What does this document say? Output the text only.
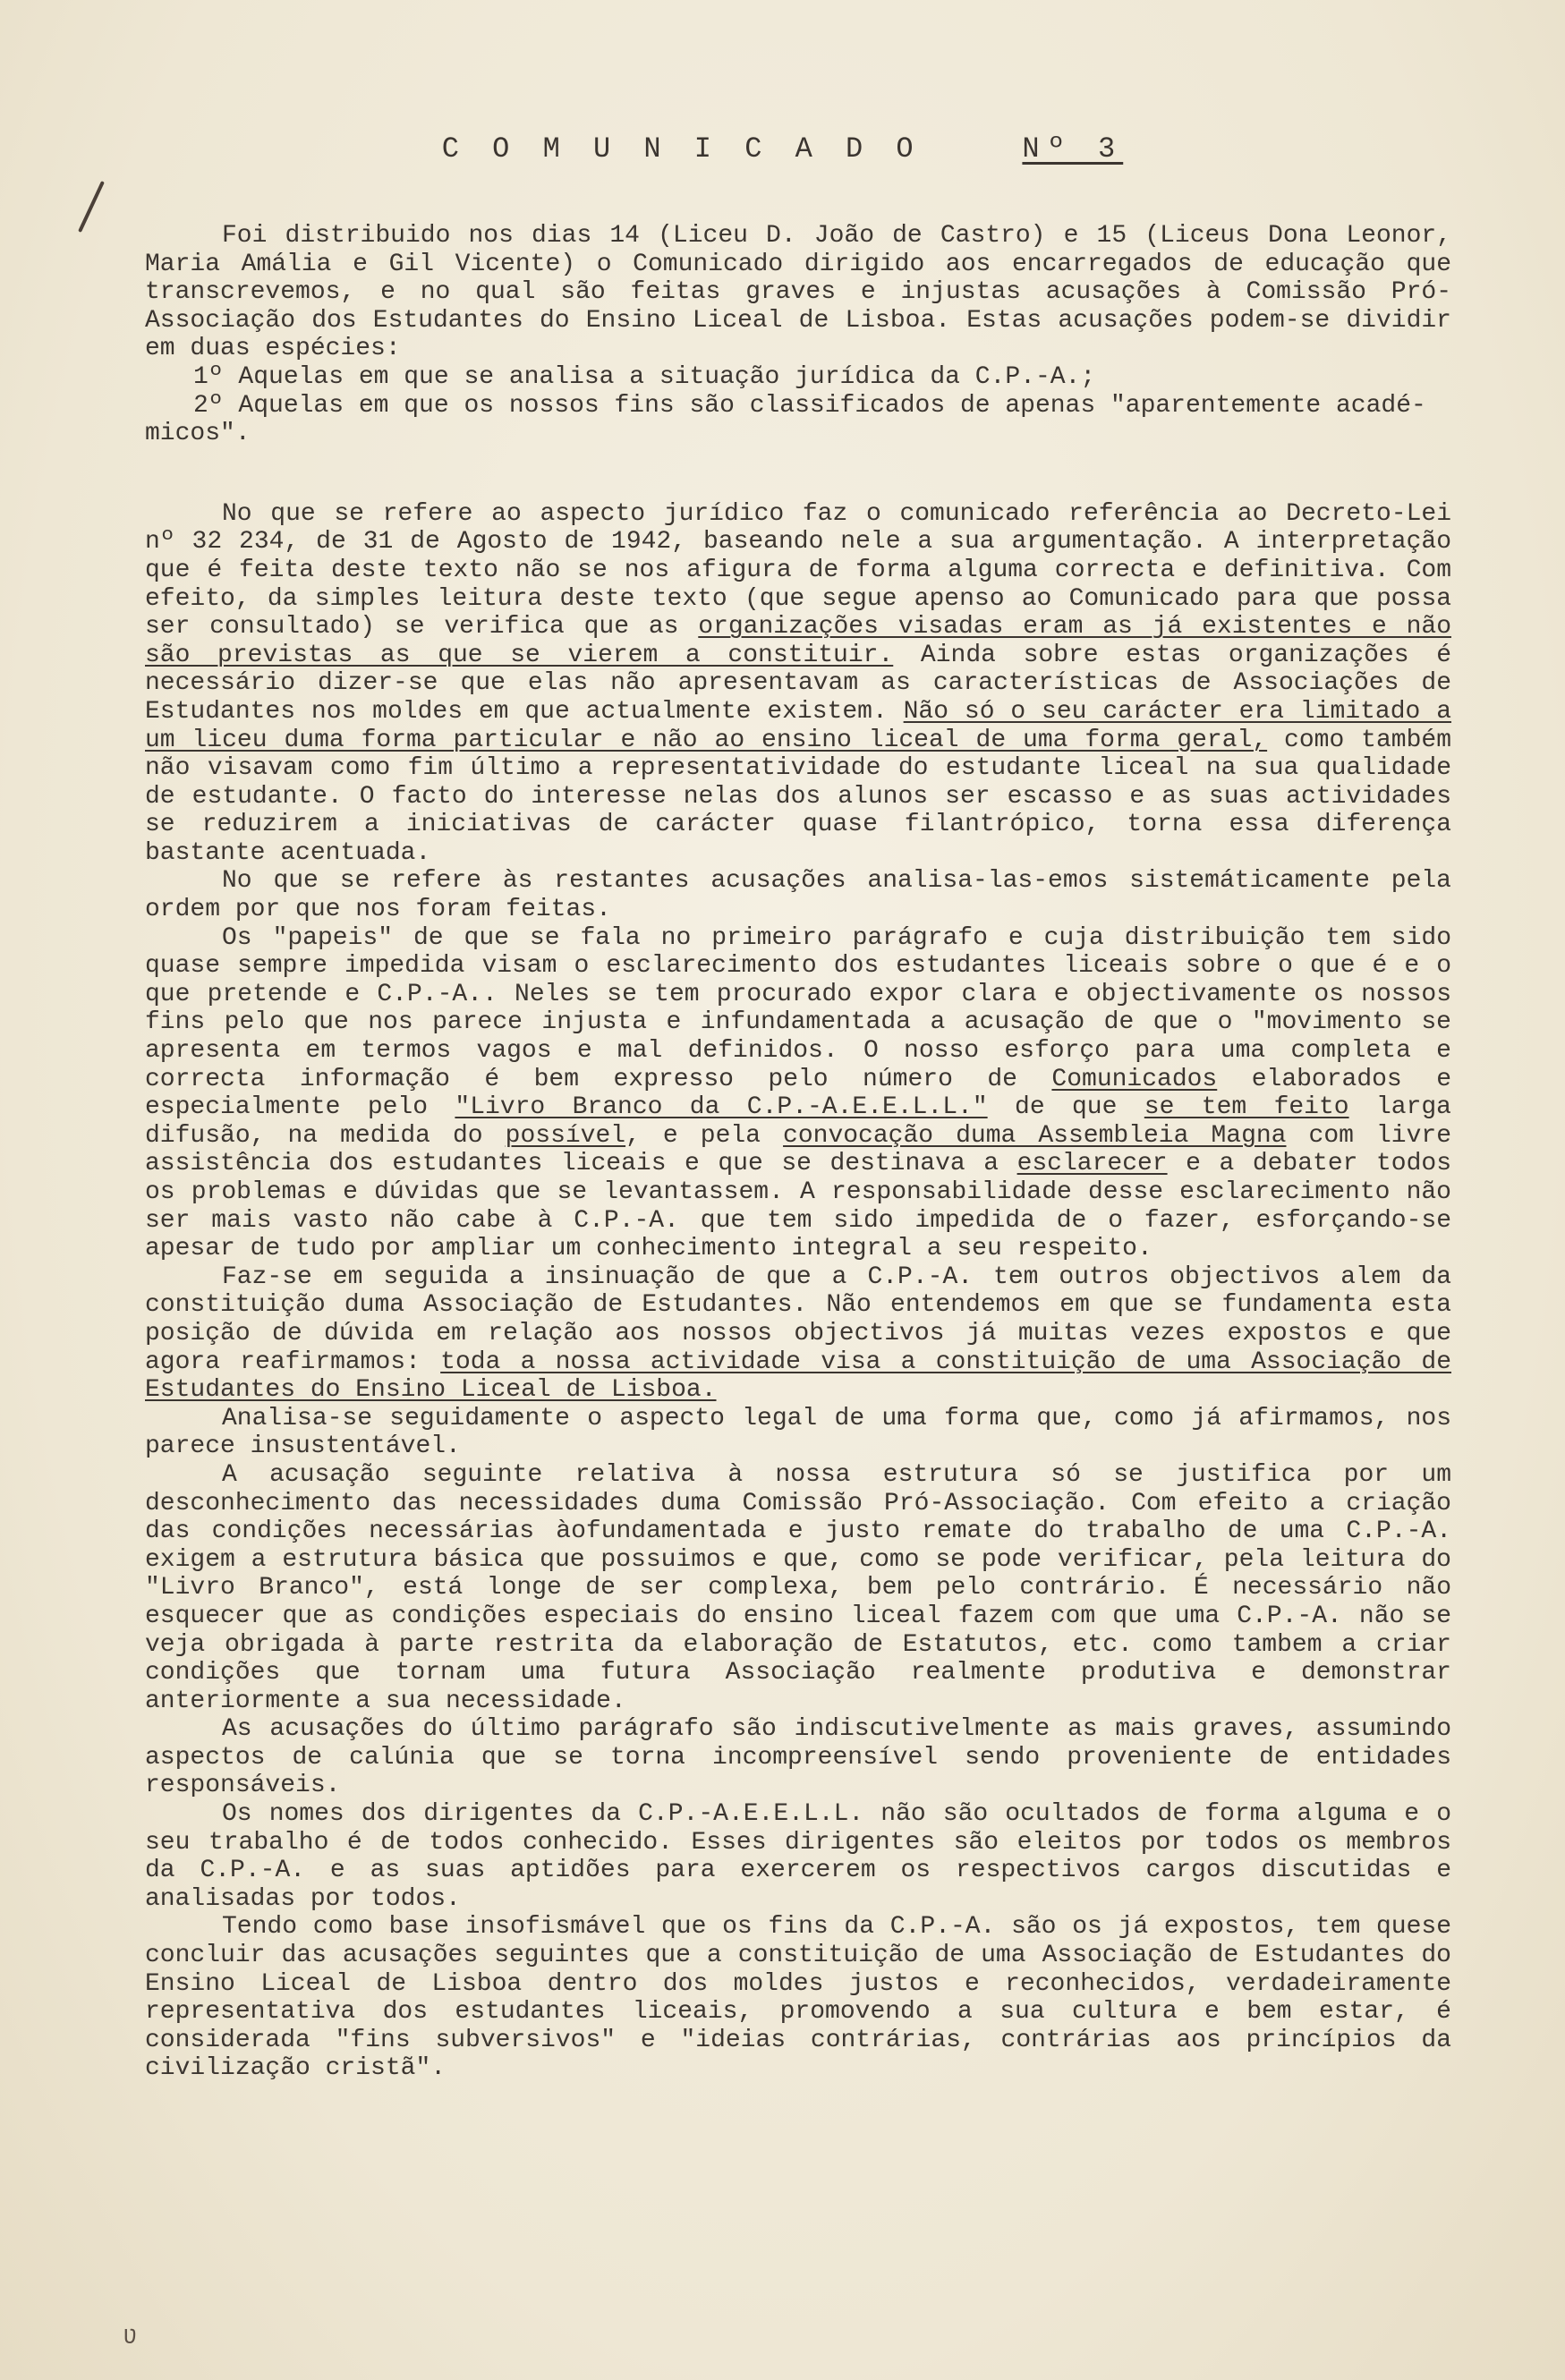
C O M U N I C A D O	Nº 3

Foi distribuido nos dias 14 (Liceu D. João de Castro) e 15 (Liceus Dona Leonor, Maria Amália e Gil Vicente) o Comunicado dirigido aos encarregados de educação que transcrevemos, e no qual são feitas graves e injustas acusações à Comissão Pró-Associação dos Estudantes do Ensino Liceal de Lisboa. Estas acusações podem-se dividir em duas espécies:

1º Aquelas em que se analisa a situação jurídica da C.P.-A.;

2º Aquelas em que os nossos fins são classificados de apenas "aparentemente acadé-

micos".

No que se refere ao aspecto jurídico faz o comunicado referência ao Decreto-Lei nº 32 234, de 31 de Agosto de 1942, baseando nele a sua argumentação. A interpretação que é feita deste texto não se nos afigura de forma alguma correcta e definitiva. Com efeito, da simples leitura deste texto (que segue apenso ao Comunicado para que possa ser consultado) se verifica que as organizações visadas eram as já existentes e não são previstas as que se vierem a constituir. Ainda sobre estas organizações é necessário dizer-se que elas não apresentavam as características de Associações de Estudantes nos moldes em que actualmente existem. Não só o seu carácter era limitado a um liceu duma forma particular e não ao ensino liceal de uma forma geral, como também não visavam como fim último a representatividade do estudante liceal na sua qualidade de estudante. O facto do interesse nelas dos alunos ser escasso e as suas actividades se reduzirem a iniciativas de carácter quase filantrópico, torna essa diferença bastante acentuada.

No que se refere às restantes acusações analisa-las-emos sistemáticamente pela ordem por que nos foram feitas.

Os "papeis" de que se fala no primeiro parágrafo e cuja distribuição tem sido quase sempre impedida visam o esclarecimento dos estudantes liceais sobre o que é e o que pretende e C.P.-A.. Neles se tem procurado expor clara e objectivamente os nossos fins pelo que nos parece injusta e infundamentada a acusação de que o "movimento se apresenta em termos vagos e mal definidos. O nosso esforço para uma completa e correcta informação é bem expresso pelo número de Comunicados elaborados e especialmente pelo "Livro Branco da C.P.-A.E.E.L.L." de que se tem feito larga difusão, na medida do possível, e pela convocação duma Assembleia Magna com livre assistência dos estudantes liceais e que se destinava a esclarecer e a debater todos os problemas e dúvidas que se levantassem. A responsabilidade desse esclarecimento não ser mais vasto não cabe à C.P.-A. que tem sido impedida de o fazer, esforçando-se apesar de tudo por ampliar um conhecimento integral a seu respeito.

Faz-se em seguida a insinuação de que a C.P.-A. tem outros objectivos alem da constituição duma Associação de Estudantes. Não entendemos em que se fundamenta esta posição de dúvida em relação aos nossos objectivos já muitas vezes expostos e que agora reafirmamos: toda a nossa actividade visa a constituição de uma Associação de Estudantes do Ensino Liceal de Lisboa.

Analisa-se seguidamente o aspecto legal de uma forma que, como já afirmamos, nos parece insustentável.

A acusação seguinte relativa à nossa estrutura só se justifica por um desconhecimento das necessidades duma Comissão Pró-Associação. Com efeito a criação das condições necessárias àofundamentada e justo remate do trabalho de uma C.P.-A. exigem a estrutura básica que possuimos e que, como se pode verificar, pela leitura do "Livro Branco", está longe de ser complexa, bem pelo contrário. É necessário não esquecer que as condições especiais do ensino liceal fazem com que uma C.P.-A. não se veja obrigada à parte restrita da elaboração de Estatutos, etc. como tambem a criar condições que tornam uma futura Associação realmente produtiva e demonstrar anteriormente a sua necessidade.

As acusações do último parágrafo são indiscutivelmente as mais graves, assumindo aspectos de calúnia que se torna incompreensível sendo proveniente de entidades responsáveis.

Os nomes dos dirigentes da C.P.-A.E.E.L.L. não são ocultados de forma alguma e o seu trabalho é de todos conhecido. Esses dirigentes são eleitos por todos os membros da C.P.-A. e as suas aptidões para exercerem os respectivos cargos discutidas e analisadas por todos.

Tendo como base insofismável que os fins da C.P.-A. são os já expostos, tem quese concluir das acusações seguintes que a constituição de uma Associação de Estudantes do Ensino Liceal de Lisboa dentro dos moldes justos e reconhecidos, verdadeiramente representativa dos estudantes liceais, promovendo a sua cultura e bem estar, é considerada "fins subversivos" e "ideias contrárias, contrárias aos princípios da civilização cristã".

Ʋ
